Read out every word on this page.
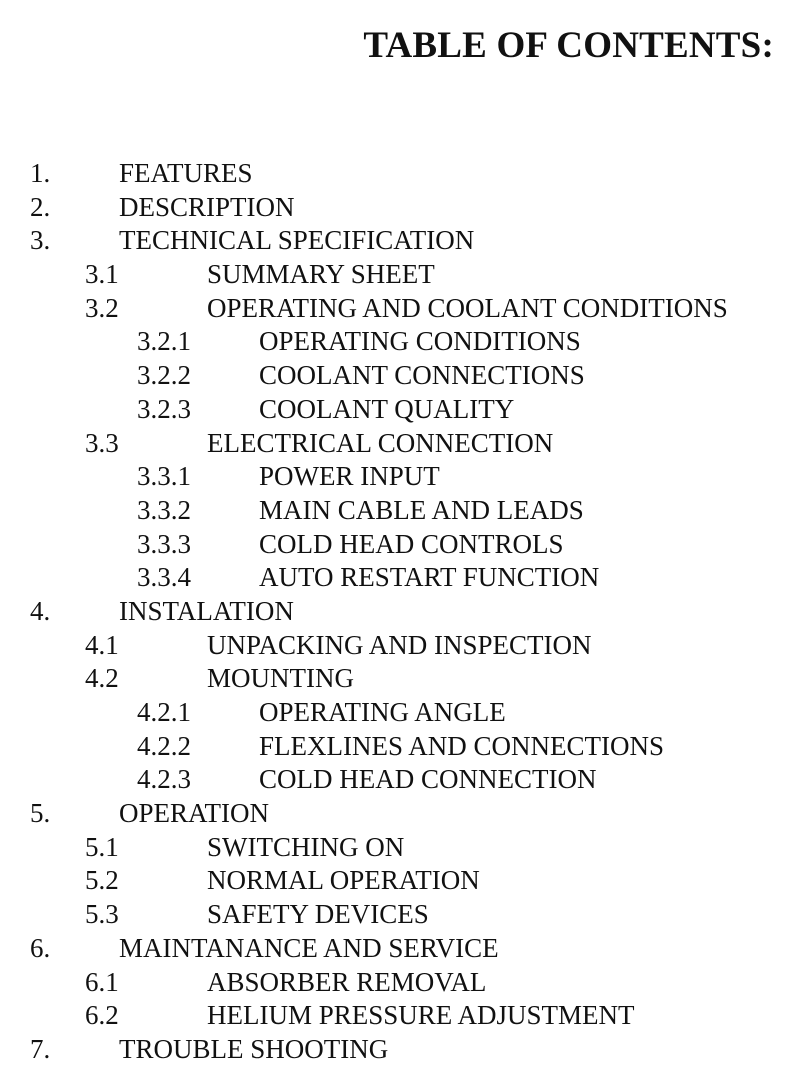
TABLE OF CONTENTS:
1.	FEATURES
2.	DESCRIPTION
3.	TECHNICAL SPECIFICATION
3.1	SUMMARY SHEET
3.2	OPERATING AND COOLANT CONDITIONS
3.2.1	OPERATING CONDITIONS
3.2.2	COOLANT CONNECTIONS
3.2.3	COOLANT QUALITY
3.3	ELECTRICAL CONNECTION
3.3.1	POWER INPUT
3.3.2	MAIN CABLE AND LEADS
3.3.3	COLD HEAD CONTROLS
3.3.4	AUTO RESTART FUNCTION
4.	INSTALATION
4.1	UNPACKING AND INSPECTION
4.2	MOUNTING
4.2.1	OPERATING ANGLE
4.2.2	FLEXLINES AND CONNECTIONS
4.2.3	COLD HEAD CONNECTION
5.	OPERATION
5.1	SWITCHING ON
5.2	NORMAL OPERATION
5.3	SAFETY DEVICES
6.	MAINTANANCE AND SERVICE
6.1	ABSORBER REMOVAL
6.2	HELIUM PRESSURE ADJUSTMENT
7.	TROUBLE SHOOTING
